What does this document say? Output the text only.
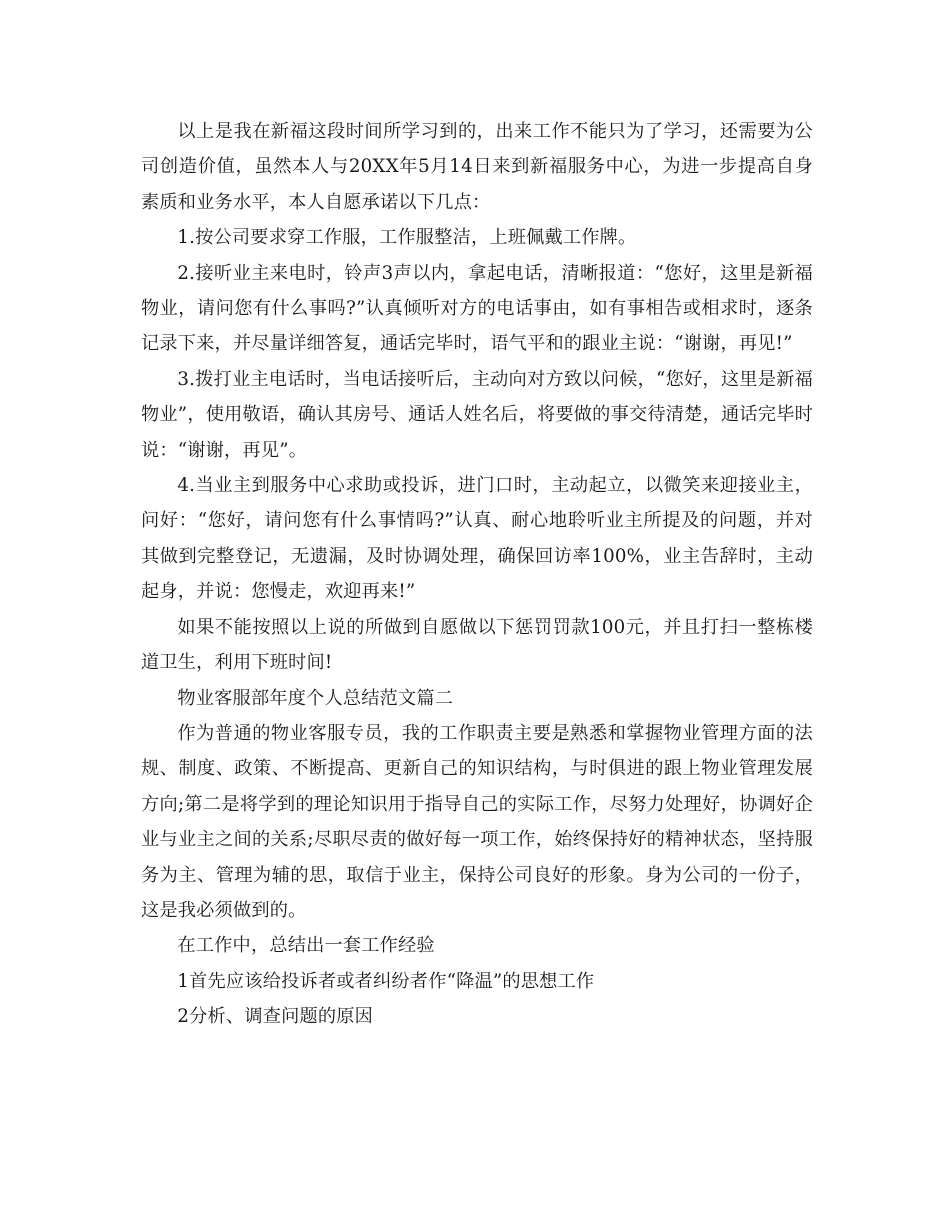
以上是我在新福这段时间所学习到的，出来工作不能只为了学习，还需要为公司创造价值，虽然本人与20XX年5月14日来到新福服务中心，为进一步提高自身素质和业务水平，本人自愿承诺以下几点：

1.按公司要求穿工作服，工作服整洁，上班佩戴工作牌。

2.接听业主来电时，铃声3声以内，拿起电话，清晰报道：“您好，这里是新福物业，请问您有什么事吗?”认真倾听对方的电话事由，如有事相告或相求时，逐条记录下来，并尽量详细答复，通话完毕时，语气平和的跟业主说：“谢谢，再见!”

3.拨打业主电话时，当电话接听后，主动向对方致以问候，“您好，这里是新福物业”，使用敬语，确认其房号、通话人姓名后，将要做的事交待清楚，通话完毕时说：“谢谢，再见”。

4.当业主到服务中心求助或投诉，进门口时，主动起立，以微笑来迎接业主，问好：“您好，请问您有什么事情吗?”认真、耐心地聆听业主所提及的问题，并对其做到完整登记，无遗漏，及时协调处理，确保回访率100%，业主告辞时，主动起身，并说：您慢走，欢迎再来!”

如果不能按照以上说的所做到自愿做以下惩罚罚款100元，并且打扫一整栋楼道卫生，利用下班时间!

物业客服部年度个人总结范文篇二

作为普通的物业客服专员，我的工作职责主要是熟悉和掌握物业管理方面的法规、制度、政策、不断提高、更新自己的知识结构，与时俱进的跟上物业管理发展方向;第二是将学到的理论知识用于指导自己的实际工作，尽努力处理好，协调好企业与业主之间的关系;尽职尽责的做好每一项工作，始终保持好的精神状态，坚持服务为主、管理为辅的思，取信于业主，保持公司良好的形象。身为公司的一份子，这是我必须做到的。

在工作中，总结出一套工作经验

1首先应该给投诉者或者纠纷者作“降温”的思想工作

2分析、调查问题的原因
